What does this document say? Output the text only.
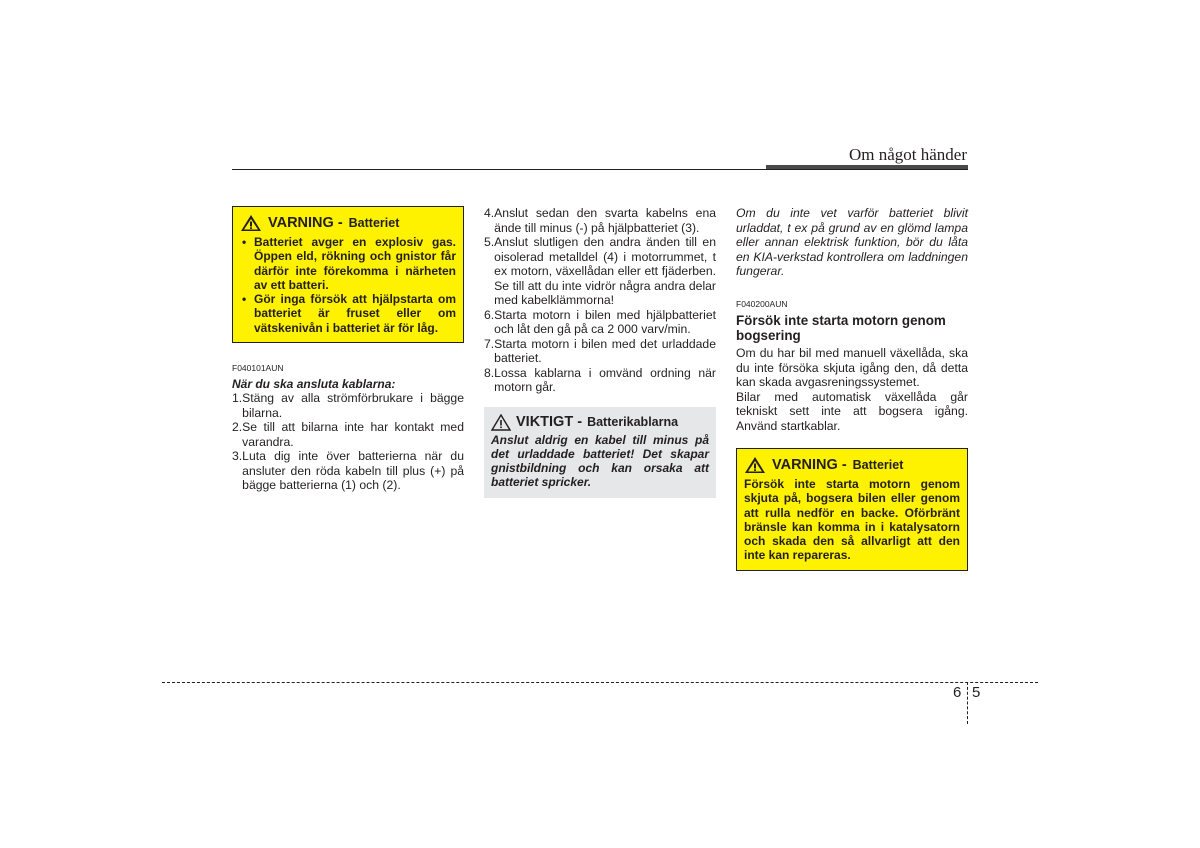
Om något händer
VARNING - Batteriet
• Batteriet avger en explosiv gas. Öppen eld, rökning och gnistor får därför inte förekomma i närheten av ett batteri.
• Gör inga försök att hjälpstarta om batteriet är fruset eller om vätskenivån i batteriet är för låg.
F040101AUN
När du ska ansluta kablarna:
1. Stäng av alla strömförbrukare i bägge bilarna.
2. Se till att bilarna inte har kontakt med varandra.
3. Luta dig inte över batterierna när du ansluter den röda kabeln till plus (+) på bägge batterierna (1) och (2).
4. Anslut sedan den svarta kabelns ena ände till minus (-) på hjälpbatteriet (3).
5. Anslut slutligen den andra änden till en oisolerad metalldel (4) i motorrummet, t ex motorn, växellådan eller ett fjäderben. Se till att du inte vidrör några andra delar med kabelklämmorna!
6. Starta motorn i bilen med hjälpbatteriet och låt den gå på ca 2 000 varv/min.
7. Starta motorn i bilen med det urladdade batteriet.
8. Lossa kablarna i omvänd ordning när motorn går.
VIKTIGT - Batterikablarna

Anslut aldrig en kabel till minus på det urladdade batteriet! Det skapar gnistbildning och kan orsaka att batteriet spricker.

Om du inte vet varför batteriet blivit urladdat, t ex på grund av en glömd lampa eller annan elektrisk funktion, bör du låta en KIA-verkstad kontrollera om laddningen fungerar.

F040200AUN
Försök inte starta motorn genom bogsering

Om du har bil med manuell växellåda, ska du inte försöka skjuta igång den, då detta kan skada avgasreningssystemet.

Bilar med automatisk växellåda går tekniskt sett inte att bogsera igång. Använd startkablar.

VARNING - Batteriet

Försök inte starta motorn genom skjuta på, bogsera bilen eller genom att rulla nedför en backe. Oförbränt bränsle kan komma in i katalysatorn och skada den så allvarligt att den inte kan repareras.

6 5
